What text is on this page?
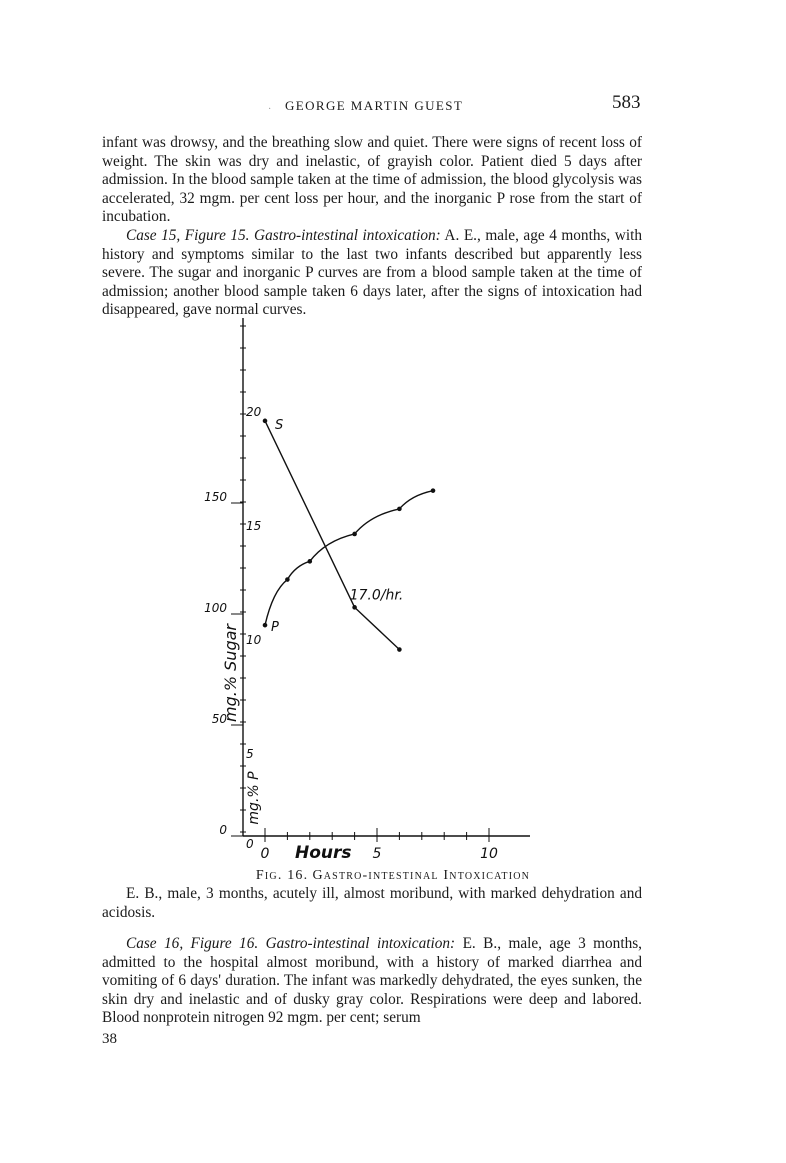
· GEORGE MARTIN GUEST	583

infant was drowsy, and the breathing slow and quiet. There were signs of recent loss of weight. The skin was dry and inelastic, of grayish color. Patient died 5 days after admission. In the blood sample taken at the time of admission, the blood glycolysis was accelerated, 32 mgm. per cent loss per hour, and the inorganic P rose from the start of incubation.

Case 15, Figure 15. Gastro-intestinal intoxication: A. E., male, age 4 months, with history and symptoms similar to the last two infants described but apparently less severe. The sugar and inorganic P curves are from a blood sample taken at the time of admission; another blood sample taken 6 days later, after the signs of intoxication had disappeared, gave normal curves.

0
50
100
150
0
5
10
15
20
0	5	10
Hours
mg.% Sugar
mg.% P
S
17.0/hr.
P
Fig. 16. Gastro-intestinal Intoxication
E. B., male, 3 months, acutely ill, almost moribund, with marked dehydration and acidosis.

Case 16, Figure 16. Gastro-intestinal intoxication: E. B., male, age 3 months, admitted to the hospital almost moribund, with a history of marked diarrhea and vomiting of 6 days' duration. The infant was markedly dehydrated, the eyes sunken, the skin dry and inelastic and of dusky gray color. Respirations were deep and labored. Blood nonprotein nitrogen 92 mgm. per cent; serum

38
